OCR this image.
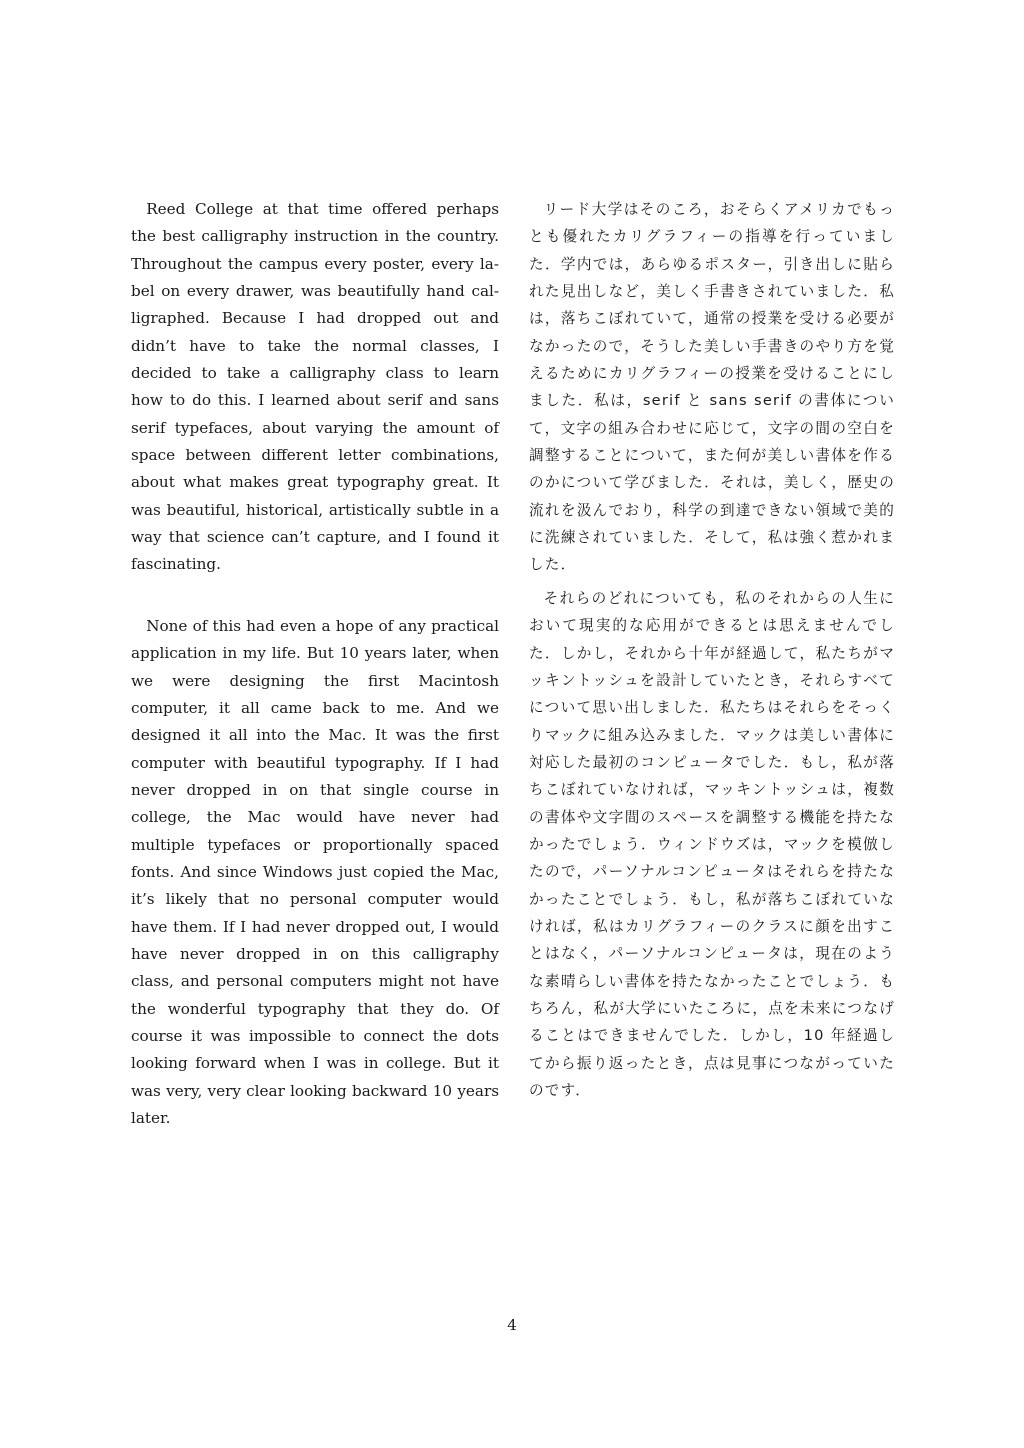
Reed College at that time offered perhaps the best calligraphy instruction in the country. Throughout the campus every poster, every label on every drawer, was beautifully hand calligraphed. Because I had dropped out and didn’t have to take the normal classes, I decided to take a calligraphy class to learn how to do this. I learned about serif and sans serif typefaces, about varying the amount of space between different letter combinations, about what makes great typography great. It was beautiful, historical, artistically subtle in a way that science can’t capture, and I found it fascinating.

None of this had even a hope of any practical application in my life. But 10 years later, when we were designing the first Macintosh computer, it all came back to me. And we designed it all into the Mac. It was the first computer with beautiful typography. If I had never dropped in on that single course in college, the Mac would have never had multiple typefaces or proportionally spaced fonts. And since Windows just copied the Mac, it’s likely that no personal computer would have them. If I had never dropped out, I would have never dropped in on this calligraphy class, and personal computers might not have the wonderful typography that they do. Of course it was impossible to connect the dots looking forward when I was in college. But it was very, very clear looking backward 10 years later.

リード大学はそのころ，おそらくアメリカでもっとも優れたカリグラフィーの指導を行っていました．学内では，あらゆるポスター，引き出しに貼られた見出しなど，美しく手書きされていました．私は，落ちこぼれていて，通常の授業を受ける必要がなかったので，そうした美しい手書きのやり方を覚えるためにカリグラフィーの授業を受けることにしました．私は，serif と sans serif の書体について，文字の組み合わせに応じて，文字の間の空白を調整することについて，また何が美しい書体を作るのかについて学びました．それは，美しく，歴史の流れを汲んでおり，科学の到達できない領域で美的に洗練されていました．そして，私は強く惹かれました．

それらのどれについても，私のそれからの人生において現実的な応用ができるとは思えませんでした．しかし，それから十年が経過して，私たちがマッキントッシュを設計していたとき，それらすべてについて思い出しました．私たちはそれらをそっくりマックに組み込みました．マックは美しい書体に対応した最初のコンピュータでした．もし，私が落ちこぼれていなければ，マッキントッシュは，複数の書体や文字間のスペースを調整する機能を持たなかったでしょう．ウィンドウズは，マックを模倣したので，パーソナルコンピュータはそれらを持たなかったことでしょう．もし，私が落ちこぼれていなければ，私はカリグラフィーのクラスに顔を出すことはなく，パーソナルコンピュータは，現在のような素晴らしい書体を持たなかったことでしょう．もちろん，私が大学にいたころに，点を未来につなげることはできませんでした．しかし，10 年経過してから振り返ったとき，点は見事につながっていたのです．

4
